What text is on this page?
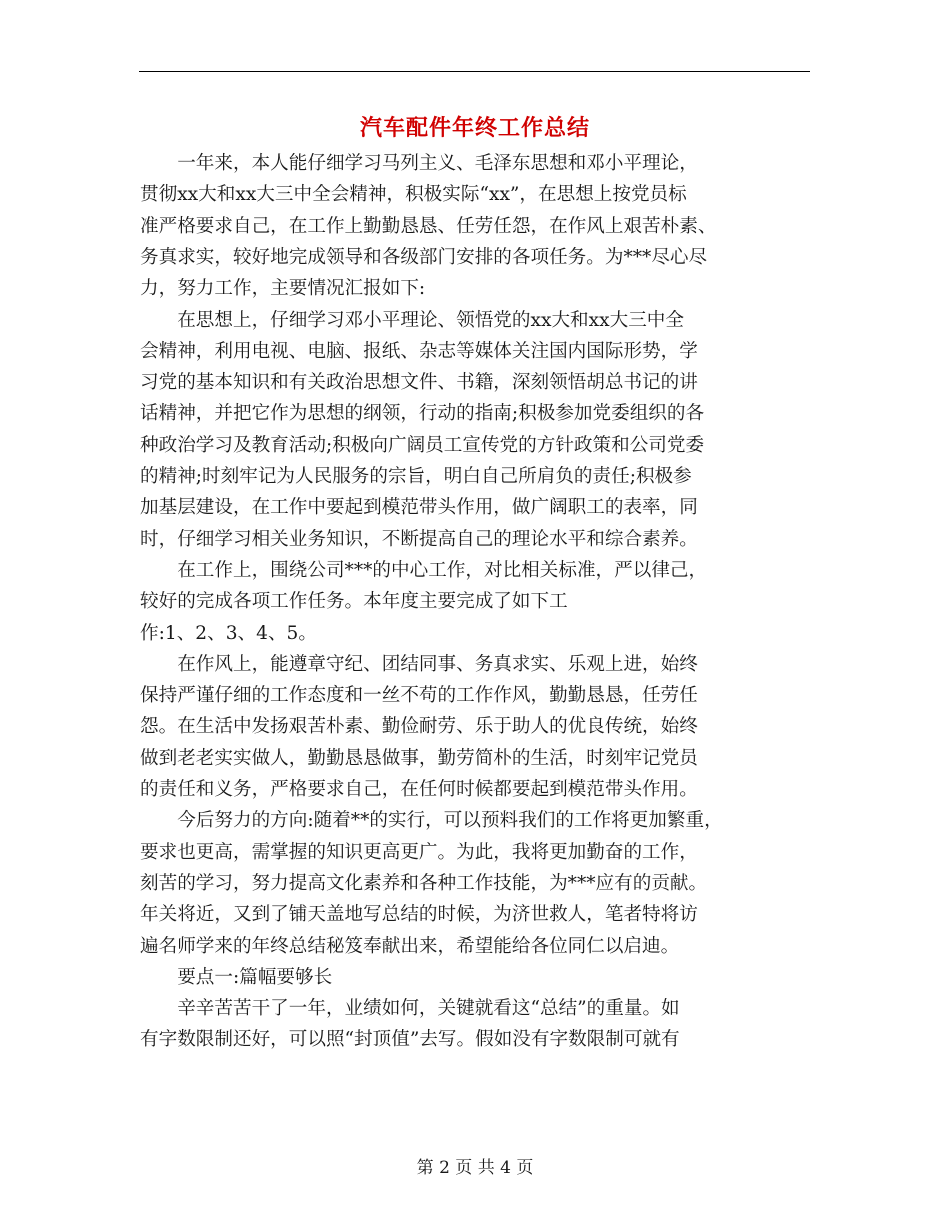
汽车配件年终工作总结
　　一年来，本人能仔细学习马列主义、毛泽东思想和邓小平理论，
贯彻xx大和xx大三中全会精神，积极实际“xx”，在思想上按党员标
准严格要求自己，在工作上勤勤恳恳、任劳任怨，在作风上艰苦朴素、
务真求实，较好地完成领导和各级部门安排的各项任务。为***尽心尽
力，努力工作，主要情况汇报如下:
　　在思想上，仔细学习邓小平理论、领悟党的xx大和xx大三中全
会精神，利用电视、电脑、报纸、杂志等媒体关注国内国际形势，学
习党的基本知识和有关政治思想文件、书籍，深刻领悟胡总书记的讲
话精神，并把它作为思想的纲领，行动的指南;积极参加党委组织的各
种政治学习及教育活动;积极向广阔员工宣传党的方针政策和公司党委
的精神;时刻牢记为人民服务的宗旨，明白自己所肩负的责任;积极参
加基层建设，在工作中要起到模范带头作用，做广阔职工的表率，同
时，仔细学习相关业务知识，不断提高自己的理论水平和综合素养。
　　在工作上，围绕公司***的中心工作，对比相关标准，严以律己，
较好的完成各项工作任务。本年度主要完成了如下工
作:1、2、3、4、5。
　　在作风上，能遵章守纪、团结同事、务真求实、乐观上进，始终
保持严谨仔细的工作态度和一丝不苟的工作作风，勤勤恳恳，任劳任
怨。在生活中发扬艰苦朴素、勤俭耐劳、乐于助人的优良传统，始终
做到老老实实做人，勤勤恳恳做事，勤劳简朴的生活，时刻牢记党员
的责任和义务，严格要求自己，在任何时候都要起到模范带头作用。
　　今后努力的方向:随着**的实行，可以预料我们的工作将更加繁重，
要求也更高，需掌握的知识更高更广。为此，我将更加勤奋的工作，
刻苦的学习，努力提高文化素养和各种工作技能，为***应有的贡献。
年关将近，又到了铺天盖地写总结的时候，为济世救人，笔者特将访
遍名师学来的年终总结秘笈奉献出来，希望能给各位同仁以启迪。
　　要点一:篇幅要够长
　　辛辛苦苦干了一年，业绩如何，关键就看这“总结”的重量。如
有字数限制还好，可以照“封顶值”去写。假如没有字数限制可就有
第 2 页 共 4 页
